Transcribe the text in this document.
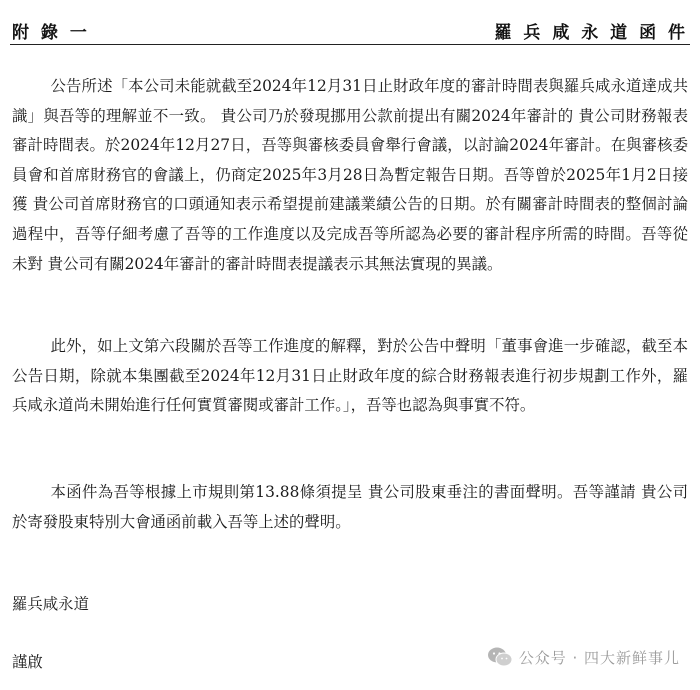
附 錄 一	羅 兵 咸 永 道 函 件

公告所述「本公司未能就截至2024年12月31日止財政年度的審計時間表與羅兵咸永道達成共識」與吾等的理解並不一致。 貴公司乃於發現挪用公款前提出有關2024年審計的 貴公司財務報表審計時間表。於2024年12月27日，吾等與審核委員會舉行會議，以討論2024年審計。在與審核委員會和首席財務官的會議上，仍商定2025年3月28日為暫定報告日期。吾等曾於2025年1月2日接獲 貴公司首席財務官的口頭通知表示希望提前建議業績公告的日期。於有關審計時間表的整個討論過程中，吾等仔細考慮了吾等的工作進度以及完成吾等所認為必要的審計程序所需的時間。吾等從未對 貴公司有關2024年審計的審計時間表提議表示其無法實現的異議。

此外，如上文第六段關於吾等工作進度的解釋，對於公告中聲明「董事會進一步確認，截至本公告日期，除就本集團截至2024年12月31日止財政年度的綜合財務報表進行初步規劃工作外，羅兵咸永道尚未開始進行任何實質審閱或審計工作。」，吾等也認為與事實不符。

本函件為吾等根據上市規則第13.88條須提呈 貴公司股東垂注的書面聲明。吾等謹請 貴公司於寄發股東特別大會通函前載入吾等上述的聲明。

羅兵咸永道
謹啟	公众号 · 四大新鲜事儿
